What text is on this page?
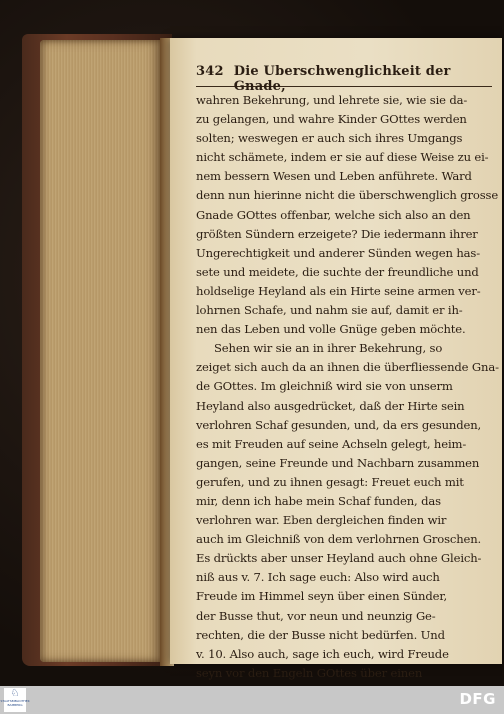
342 Die Uberschwenglichkeit der Gnade,
wahren Bekehrung, und lehrete sie, wie sie da-
zu gelangen, und wahre Kinder GOttes werden
solten; weswegen er auch sich ihres Umgangs
nicht schämete, indem er sie auf diese Weise zu ei-
nem bessern Wesen und Leben anführete. Ward
denn nun hierinne nicht die überschwenglich grosse
Gnade GOttes offenbar, welche sich also an den
größten Sündern erzeigete? Die iedermann ihrer
Ungerechtigkeit und anderer Sünden wegen has-
sete und meidete, die suchte der freundliche und
holdselige Heyland als ein Hirte seine armen ver-
lohrnen Schafe, und nahm sie auf, damit er ih-
nen das Leben und volle Gnüge geben möchte.
Sehen wir sie an in ihrer Bekehrung, so
zeiget sich auch da an ihnen die überfliessende Gna-
de GOttes. Im gleichniß wird sie von unserm
Heyland also ausgedrücket, daß der Hirte sein
verlohren Schaf gesunden, und, da ers gesunden,
es mit Freuden auf seine Achseln gelegt, heim-
gangen, seine Freunde und Nachbarn zusammen
gerufen, und zu ihnen gesagt: Freuet euch mit
mir, denn ich habe mein Schaf funden, das
verlohren war. Eben dergleichen finden wir
auch im Gleichniß von dem verlohrnen Groschen.
Es drückts aber unser Heyland auch ohne Gleich-
niß aus v. 7. Ich sage euch: Also wird auch
Freude im Himmel seyn über einen Sünder,
der Busse thut, vor neun und neunzig Ge-
rechten, die der Busse nicht bedürfen. Und
v. 10. Also auch, sage ich euch, wird Freude
seyn vor den Engeln GOttes über einen
♘
STAATSBIBLIOTHEK BAMBERG	DFG
